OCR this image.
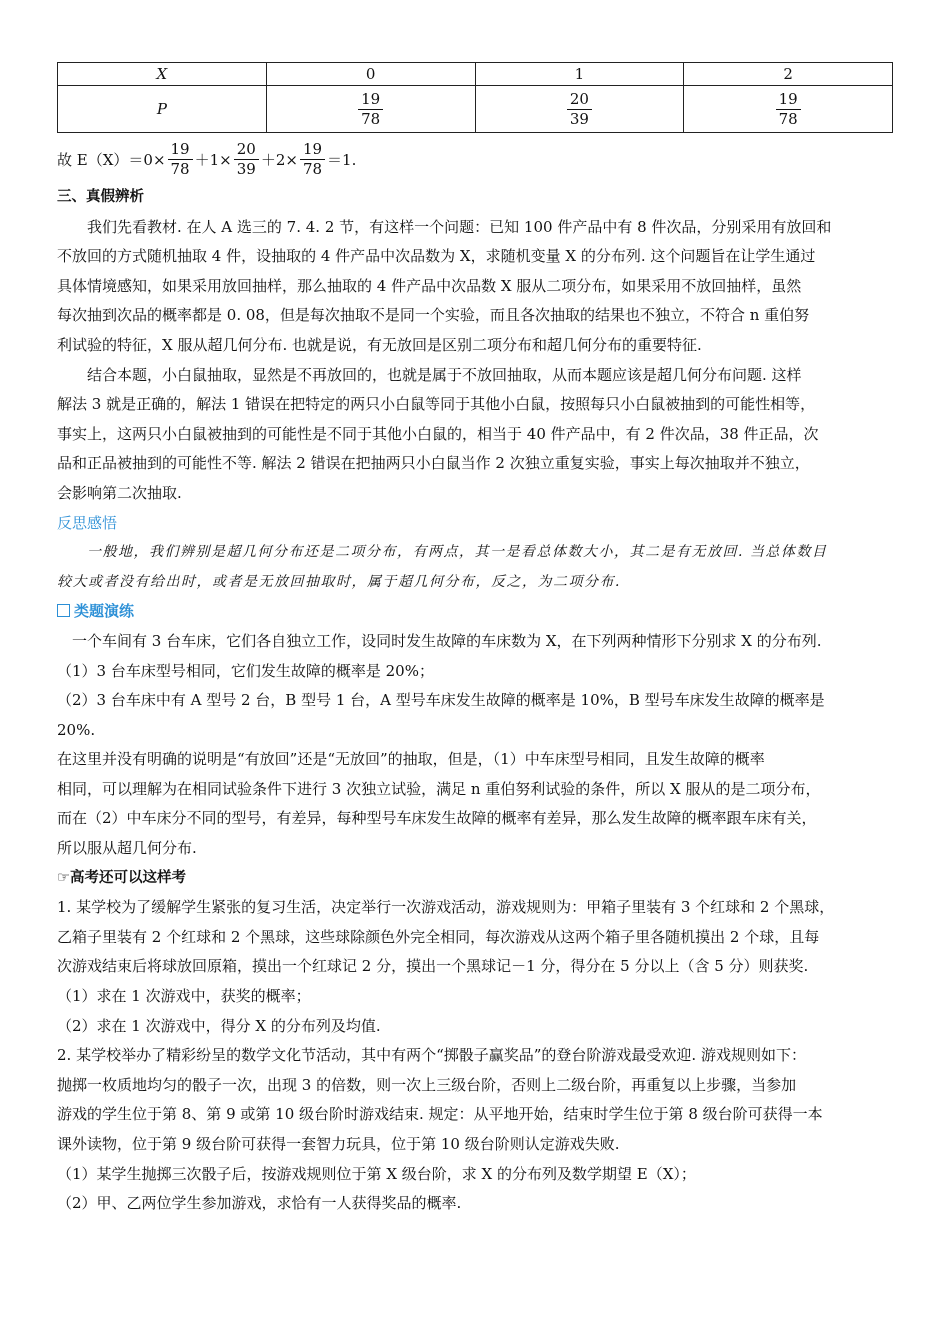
X	0	1	2
P	$\frac{19}{78}$	$\frac{20}{39}$	$\frac{19}{78}$
故 $E(X)=0\times \frac{19}{78} +1\times \frac{20}{39} +2\times \frac{19}{78} =1$.

三、真假辨析

我们先看教材. 在人 A 选三的 7. 4. 2 节，有这样一个问题：已知 100 件产品中有 8 件次品，分别采用有放回和

不放回的方式随机抽取 4 件，设抽取的 4 件产品中次品数为 X，求随机变量 X 的分布列. 这个问题旨在让学生通过

具体情境感知，如果采用放回抽样，那么抽取的 4 件产品中次品数 X 服从二项分布，如果采用不放回抽样，虽然

每次抽到次品的概率都是 0. 08，但是每次抽取不是同一个实验，而且各次抽取的结果也不独立，不符合 n 重伯努

利试验的特征，X 服从超几何分布. 也就是说，有无放回是区别二项分布和超几何分布的重要特征.

结合本题，小白鼠抽取，显然是不再放回的，也就是属于不放回抽取，从而本题应该是超几何分布问题. 这样

解法 3 就是正确的，解法 1 错误在把特定的两只小白鼠等同于其他小白鼠，按照每只小白鼠被抽到的可能性相等，

事实上，这两只小白鼠被抽到的可能性是不同于其他小白鼠的，相当于 40 件产品中，有 2 件次品，38 件正品，次

品和正品被抽到的可能性不等. 解法 2 错误在把抽两只小白鼠当作 2 次独立重复实验，事实上每次抽取并不独立，

会影响第二次抽取.

反思感悟

一般地，我们辨别是超几何分布还是二项分布，有两点，其一是看总体数大小，其二是有无放回. 当总体数目

较大或者没有给出时，或者是无放回抽取时，属于超几何分布，反之，为二项分布.

类题演练

一个车间有 3 台车床，它们各自独立工作，设同时发生故障的车床数为 X，在下列两种情形下分别求 X 的分布列.

（1）3 台车床型号相同，它们发生故障的概率是 20%；

（2）3 台车床中有 A 型号 2 台，B 型号 1 台，A 型号车床发生故障的概率是 10%，B 型号车床发生故障的概率是

20%.

在这里并没有明确的说明是“有放回”还是“无放回”的抽取，但是，（1）中车床型号相同，且发生故障的概率

相同，可以理解为在相同试验条件下进行 3 次独立试验，满足 n 重伯努利试验的条件，所以 X 服从的是二项分布，

而在（2）中车床分不同的型号，有差异，每种型号车床发生故障的概率有差异，那么发生故障的概率跟车床有关，

所以服从超几何分布.

☞高考还可以这样考

1. 某学校为了缓解学生紧张的复习生活，决定举行一次游戏活动，游戏规则为：甲箱子里装有 3 个红球和 2 个黑球，

乙箱子里装有 2 个红球和 2 个黑球，这些球除颜色外完全相同，每次游戏从这两个箱子里各随机摸出 2 个球，且每

次游戏结束后将球放回原箱，摸出一个红球记 2 分，摸出一个黑球记－1 分，得分在 5 分以上（含 5 分）则获奖.

（1）求在 1 次游戏中，获奖的概率；

（2）求在 1 次游戏中，得分 X 的分布列及均值.

2. 某学校举办了精彩纷呈的数学文化节活动，其中有两个“掷骰子赢奖品”的登台阶游戏最受欢迎. 游戏规则如下：

抛掷一枚质地均匀的骰子一次，出现 3 的倍数，则一次上三级台阶，否则上二级台阶，再重复以上步骤，当参加

游戏的学生位于第 8、第 9 或第 10 级台阶时游戏结束. 规定：从平地开始，结束时学生位于第 8 级台阶可获得一本

课外读物，位于第 9 级台阶可获得一套智力玩具，位于第 10 级台阶则认定游戏失败.

（1）某学生抛掷三次骰子后，按游戏规则位于第 X 级台阶，求 X 的分布列及数学期望 E（X）；

（2）甲、乙两位学生参加游戏，求恰有一人获得奖品的概率.
